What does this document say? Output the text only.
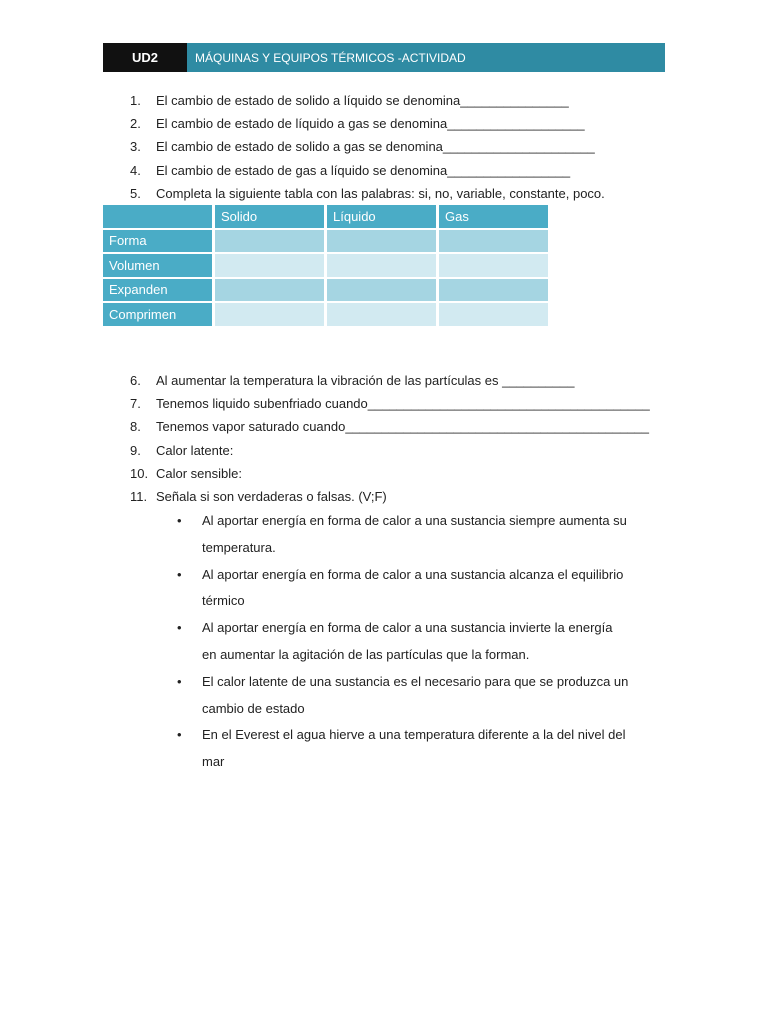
UD2	MÁQUINAS Y EQUIPOS TÉRMICOS -ACTIVIDAD
1.	El cambio de estado de solido a líquido se denomina_______________
2.	El cambio de estado de líquido a gas se denomina___________________
3.	El cambio de estado de solido a gas se denomina_____________________
4.	El cambio de estado de gas a líquido se denomina_________________
5.	Completa la siguiente tabla con las palabras: si, no, variable, constante, poco.
	Solido	Líquido	Gas
Forma			
Volumen			
Expanden			
Comprimen			
6.	Al aumentar la temperatura la vibración de las partículas es __________
7.	Tenemos liquido subenfriado cuando_______________________________________
8.	Tenemos vapor saturado cuando__________________________________________
9.	Calor latente:
10. Calor sensible:
11. Señala si son verdaderas o falsas. (V;F)
• Al aportar energía en forma de calor a una sustancia siempre aumenta su
temperatura.
• Al aportar energía en forma de calor a una sustancia alcanza el equilibrio
térmico
• Al aportar energía en forma de calor a una sustancia invierte la energía
en aumentar la agitación de las partículas que la forman.
• El calor latente de una sustancia es el necesario para que se produzca un
cambio de estado
• En el Everest el agua hierve a una temperatura diferente a la del nivel del
mar
